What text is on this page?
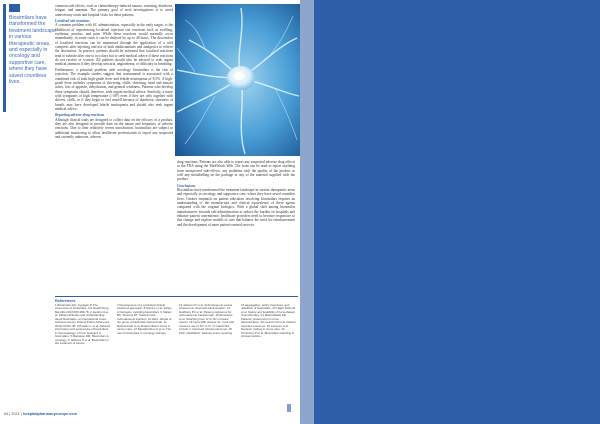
Biosimilars have transformed the treatment landscape in various therapeutic areas, and especially in oncology and supportive care, where they have saved countless lives.

common side effects, such as chemotherapy-induced nausea, vomiting, diarrhoea, fatigue, and anaemia. The primary goal of such investigations is to avoid unnecessary room and hospital visits for these patients.

Localised site reactions

A common problem with SC administration, especially in the early stages, is the likelihood of experiencing localised injection site reactions such as swelling, erythema, pruritus, and pain. While these reactions would normally occur immediately, in some cases it can be delayed by up to 48 hours. The discomfort of localised reactions can be minimised through the application of a cold compress after injecting and use of both antihistamines and analgesics to relieve the discomfort. In practice, patients should be informed that localised reactions tend to subside after one to two days but to seek medical advice if these reactions do not resolve or worsen. All patients should also be advised to seek urgent medical attention if they develop urticaria, angioedema, or difficulty in breathing.

Furthermore, a potential problem with oncology biosimilars is the risk of rejection. The example studies suggest that trastuzumab is associated with a combined risk of both high-grade fever and febrile neutropenia of 8.5%. A high-grade fever includes symptoms of shivering, chills, shivering, head and muscle aches, loss of appetite, dehydration, and general weakness. Patients who develop these symptoms should, therefore, seek urgent medical advice. Similarly, a nurse with symptoms of high temperature (>38°) even if they are only together with shivers, chills, or if they begin to feel unwell because of diarrhoea, shortness of breath, may have developed febrile neutropenia and should also seek urgent medical advice.

Reporting adverse drug reactions

Although clinical trials are designed to collect data on the efficacy of a product, they are also designed to provide data on the nature and frequency of adverse reactions. Due to their relatively recent introduction, biosimilars are subject to additional monitoring to allow healthcare professionals to report any suspected and currently unknown, adverse

drug reactions. Patients are also able to report any suspected adverse drug effects to the FDA using the MedWatch Web. The form can be used to report anything from unexpected side-effects, any problems with the quality of the product as well any mislabelling on the package or any of the material supplied with the product.

Conclusions

Biosimilars have transformed the treatment landscape in various therapeutic areas and especially in oncology and supportive care, where they have saved countless lives. Greater emphasis on patient education involving biosimilars requires an understanding of the manufacture and clinical equivalence of these agents compared with the original biologics. With a global shift among biosimilar manufacturers towards self-administration to reduce the burden on hospitals and enhance patient convenience, healthcare providers need to become responsive to this change and explore models of care that balance the need for reimbursement and the development of more patient-centred services.

References
1 Biosimilars EG, Ayyagari P. The economics of biosimilars. Am Health Drug Benefits 2013;6(8):469-78. 2 Jacobs IA et al. Patient attitudes and understanding about biosimilars: an international cross-sectional survey. Patient Prefer Adherence 2016;10:937-48. 3 Pouillon L et al. Patients' information and perspective of biosimilars in rheumatology. 4 From biologics to biosimilars. 5 Macaluso DM. Biosimilars in oncology. 6 Jefferies P et al. Biosimilars in the treatment of cancer.
7 Development of a combined clinical treatment approach. 8 Kamil L et al. Safety of biologics, including biosimilars. 9 Sallam BS, Stevens RT. Trastuzumab subcutaneous injection. 10 HHC. Ahead of the group of biosimilar trastuzumab. 11 Rastuzumab et al. Rapid infusion times in cancer care. 12 Papadimitriou K et al. The use of biosimilars in oncology settings.
13 Jackson R et al. Subcutaneous versus intravenous rituximab administration. 14 Goldberg PC et al. Patient preference for subcutaneous trastuzumab. 15 Rousseau et al. Switching from IV to SC in breast cancer. 16 Lamu MB, Hauser SL. Cost and resource use of SC vs IV. 17 Hazell NS, Lincoln J. Improved clinical outcomes. 18 FDA. MedWatch: adverse event reporting.
19 aggregation, policy incentives, and utilization of biosimilars. 20 Hajdu Schmidt et al. Safety and feasibility of home-based chemotherapy. 21 Mastrodiadis PE. Patients' preference for home administration. 22 Leoncini M et al. Patient-reported outcomes. 23 Lamonic et al. Decision making in home care. 24 Tomlinson P et al. Biosimilars switching in clinical practice.
64 | 2021 | hospitalpharmacyeurope.com
